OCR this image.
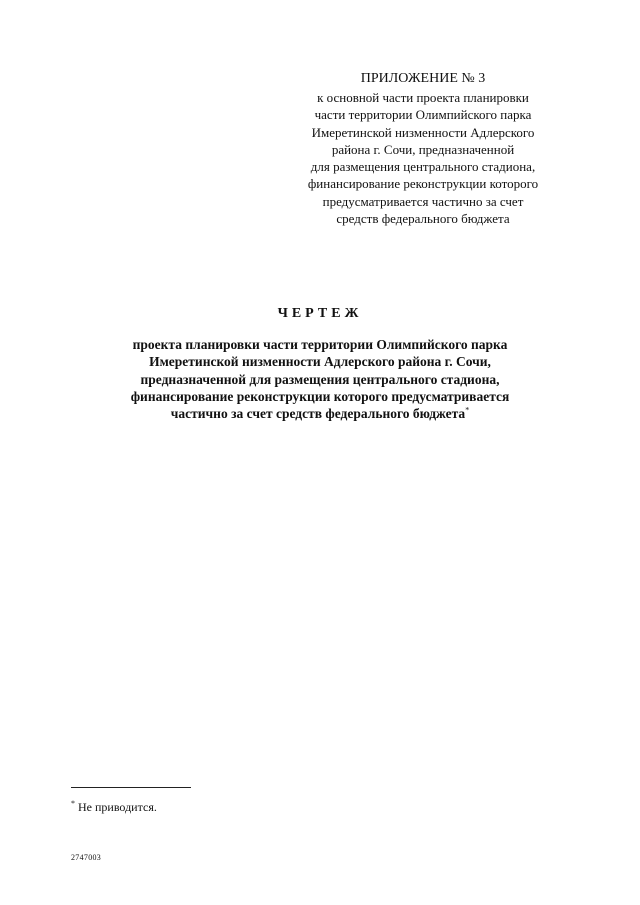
ПРИЛОЖЕНИЕ № 3
к основной части проекта планировки
части территории Олимпийского парка
Имеретинской низменности Адлерского
района г. Сочи, предназначенной
для размещения центрального стадиона,
финансирование реконструкции которого
предусматривается частично за счет
средств федерального бюджета
ЧЕРТЕЖ
проекта планировки части территории Олимпийского парка
Имеретинской низменности Адлерского района г. Сочи,
предназначенной для размещения центрального стадиона,
финансирование реконструкции которого предусматривается
частично за счет средств федерального бюджета*
* Не приводится.
2747003
